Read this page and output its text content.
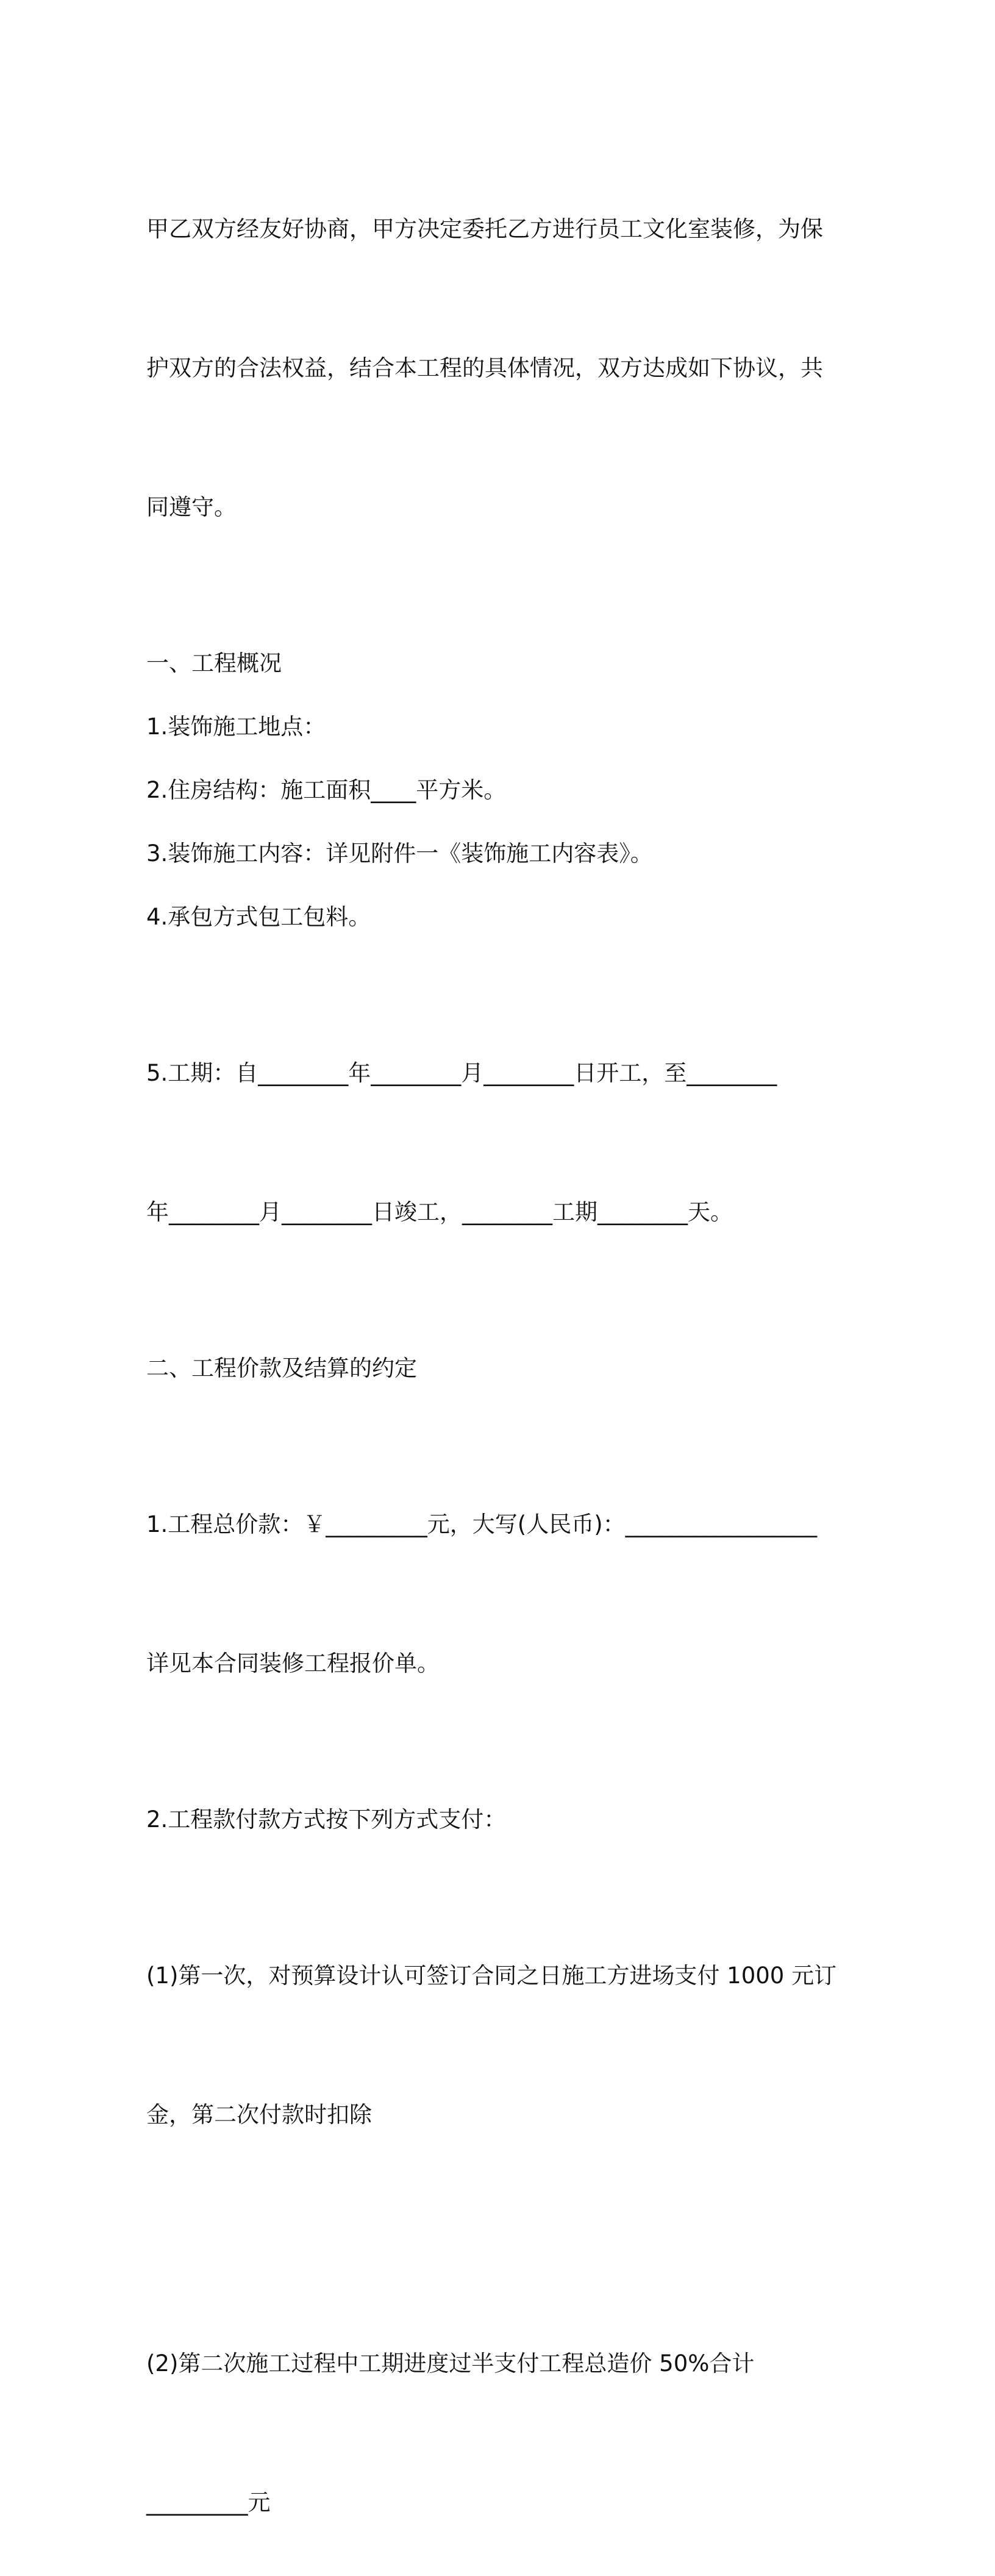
甲乙双方经友好协商，甲方决定委托乙方进行员工文化室装修，为保

护双方的合法权益，结合本工程的具体情况，双方达成如下协议，共

同遵守。

一、工程概况
1.装饰施工地点：
2.住房结构：施工面积____平方米。
3.装饰施工内容：详见附件一《装饰施工内容表》。
4.承包方式包工包料。

5.工期：自________年________月________日开工，至________

年________月________日竣工，________工期________天。

二、工程价款及结算的约定

1.工程总价款：￥_________元，大写(人民币)：_________________

详见本合同装修工程报价单。

2.工程款付款方式按下列方式支付：

(1)第一次，对预算设计认可签订合同之日施工方进场支付 1000 元订

金，第二次付款时扣除

(2)第二次施工过程中工期进度过半支付工程总造价 50%合计

_________元
